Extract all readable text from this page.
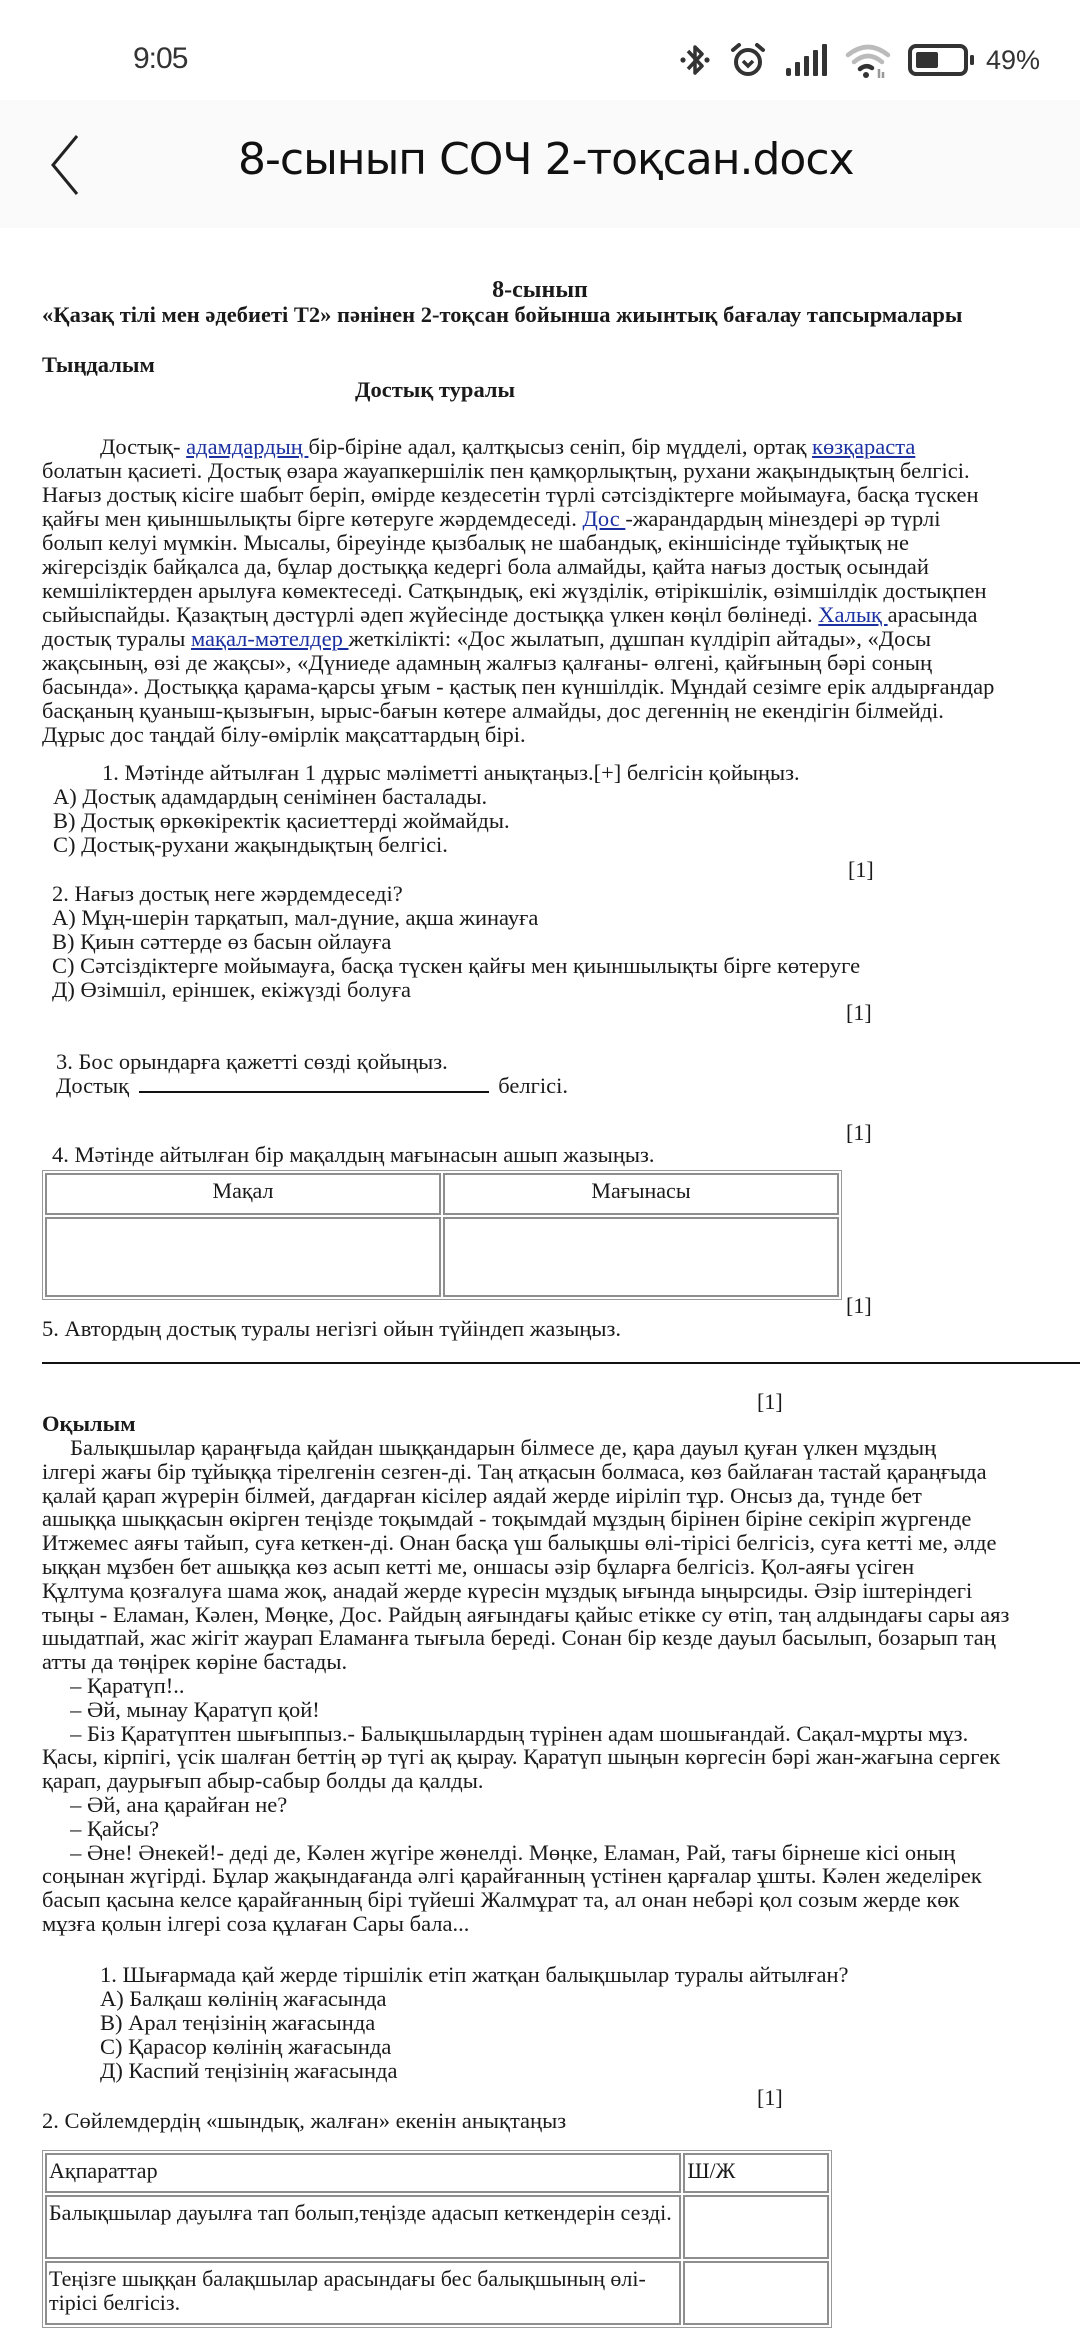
9:05	49%
8-сынып СОЧ 2-тоқсан.docx
8-сынып
«Қазақ тілі мен әдебиеті Т2» пәнінен 2-тоқсан бойынша жиынтық бағалау тапсырмалары
Тыңдалым
Достық туралы
Достық- адамдардың бір-біріне адал, қалтқысыз сеніп, бір мүдделі, ортақ көзқараста
болатын қасиеті. Достық өзара жауапкершілік пен қамқорлықтың, рухани жақындықтың белгісі.
Нағыз достық кісіге шабыт беріп, өмірде кездесетін түрлі сәтсіздіктерге мойымауға, басқа түскен
қайғы мен қиыншылықты бірге көтеруге жәрдемдеседі. Дос -жарандардың мінездері әр түрлі
болып келуі мүмкін. Мысалы, біреуінде қызбалық не шабандық, екіншісінде тұйықтық не
жігерсіздік байқалса да, бұлар достыққа кедергі бола алмайды, қайта нағыз достық осындай
кемшіліктерден арылуға көмектеседі. Сатқындық, екі жүзділік, өтірікшілік, өзімшілдік достықпен
сыйыспайды. Қазақтың дәстүрлі әдеп жүйесінде достыққа үлкен көңіл бөлінеді. Халық арасында
достық туралы мақал-мәтелдер жеткілікті: «Дос жылатып, дұшпан күлдіріп айтады», «Досы
жақсының, өзі де жақсы», «Дүниеде адамның жалғыз қалғаны- өлгені, қайғының бәрі соның
басында». Достыққа қарама-қарсы ұғым - қастық пен күншілдік. Мұндай сезімге ерік алдырғандар
басқаның қуаныш-қызығын, ырыс-бағын көтере алмайды, дос дегеннің не екендігін білмейді.
Дұрыс дос таңдай білу-өмірлік мақсаттардың бірі.
1. Мәтінде айтылған 1 дұрыс мәліметті анықтаңыз.[+] белгісін қойыңыз.
А) Достық адамдардың сенімінен басталады.
В) Достық өркөкіректік қасиеттерді жоймайды.
С) Достық-рухани жақындықтың белгісі.
[1]
2. Нағыз достық неге жәрдемдеседі?
А) Мұң-шерін тарқатып, мал-дүние, ақша жинауға
В) Қиын сәттерде өз басын ойлауға
С) Сәтсіздіктерге мойымауға, басқа түскен қайғы мен қиыншылықты бірге көтеруге
Д) Өзімшіл, еріншек, екіжүзді болуға
[1]
3. Бос орындарға қажетті сөзді қойыңыз.
Достық	белгісі.
[1]
4. Мәтінде айтылған бір мақалдың мағынасын ашып жазыңыз.
Мақал	Мағынасы

[1]
5. Автордың достық туралы негізгі ойын түйіндеп жазыңыз.
[1]
Оқылым
Балықшылар қараңғыда қайдан шыққандарын білмесе де, қара дауыл қуған үлкен мұздың
ілгері жағы бір тұйыққа тірелгенін сезген-ді. Таң атқасын болмаса, көз байлаған тастай қараңғыда
қалай қарап жүрерін білмей, дағдарған кісілер аядай жерде иіріліп тұр. Онсыз да, түнде бет
ашыққа шыққасын өкірген теңізде тоқымдай - тоқымдай мұздың бірінен біріне секіріп жүргенде
Итжемес аяғы тайып, суға кеткен-ді. Онан басқа үш балықшы өлі-тірісі белгісіз, суға кетті ме, әлде
ыққан мұзбен бет ашыққа көз асып кетті ме, оншасы әзір бұларға белгісіз. Қол-аяғы үсіген
Құлтума қозғалуға шама жоқ, анадай жерде күресін мұздық ығында ыңырсиды. Әзір іштеріндегі
тыңы - Еламан, Кәлен, Мөңке, Дос. Райдың аяғындағы қайыс етікке су өтіп, таң алдындағы сары аяз
шыдатпай, жас жігіт жаурап Еламанға тығыла береді. Сонан бір кезде дауыл басылып, бозарып таң
атты да төңірек көріне бастады.
– Қаратүп!..
– Әй, мынау Қаратүп қой!
– Біз Қаратүптен шығыппыз.- Балықшылардың түрінен адам шошығандай. Сақал-мұрты мұз.
Қасы, кірпігі, үсік шалған беттің әр түгі ақ қырау. Қаратүп шыңын көргесін бәрі жан-жағына сергек
қарап, даурығып абыр-сабыр болды да қалды.
– Әй, ана қарайған не?
– Қайсы?
– Әне! Әнекей!- деді де, Кәлен жүгіре жөнелді. Мөңке, Еламан, Рай, тағы бірнеше кісі оның
соңынан жүгірді. Бұлар жақындағанда әлгі қарайғанның үстінен қарғалар ұшты. Кәлен жеделірек
басып қасына келсе қарайғанның бірі түйеші Жалмұрат та, ал онан небәрі қол созым жерде көк
мұзға қолын ілгері соза құлаған Сары бала...
1. Шығармада қай жерде тіршілік етіп жатқан балықшылар туралы айтылған?
А) Балқаш көлінің жағасында
В) Арал теңізінің жағасында
С) Қарасор көлінің жағасында
Д) Каспий теңізінің жағасында
[1]
2. Сөйлемдердің «шындық, жалған» екенін анықтаңыз
Ақпараттар	Ш/Ж
Балықшылар дауылға тап болып,теңізде адасып кеткендерін сезді.	
Теңізге шыққан балақшылар арасындағы бес балықшының өлі-тірісі белгісіз.	
